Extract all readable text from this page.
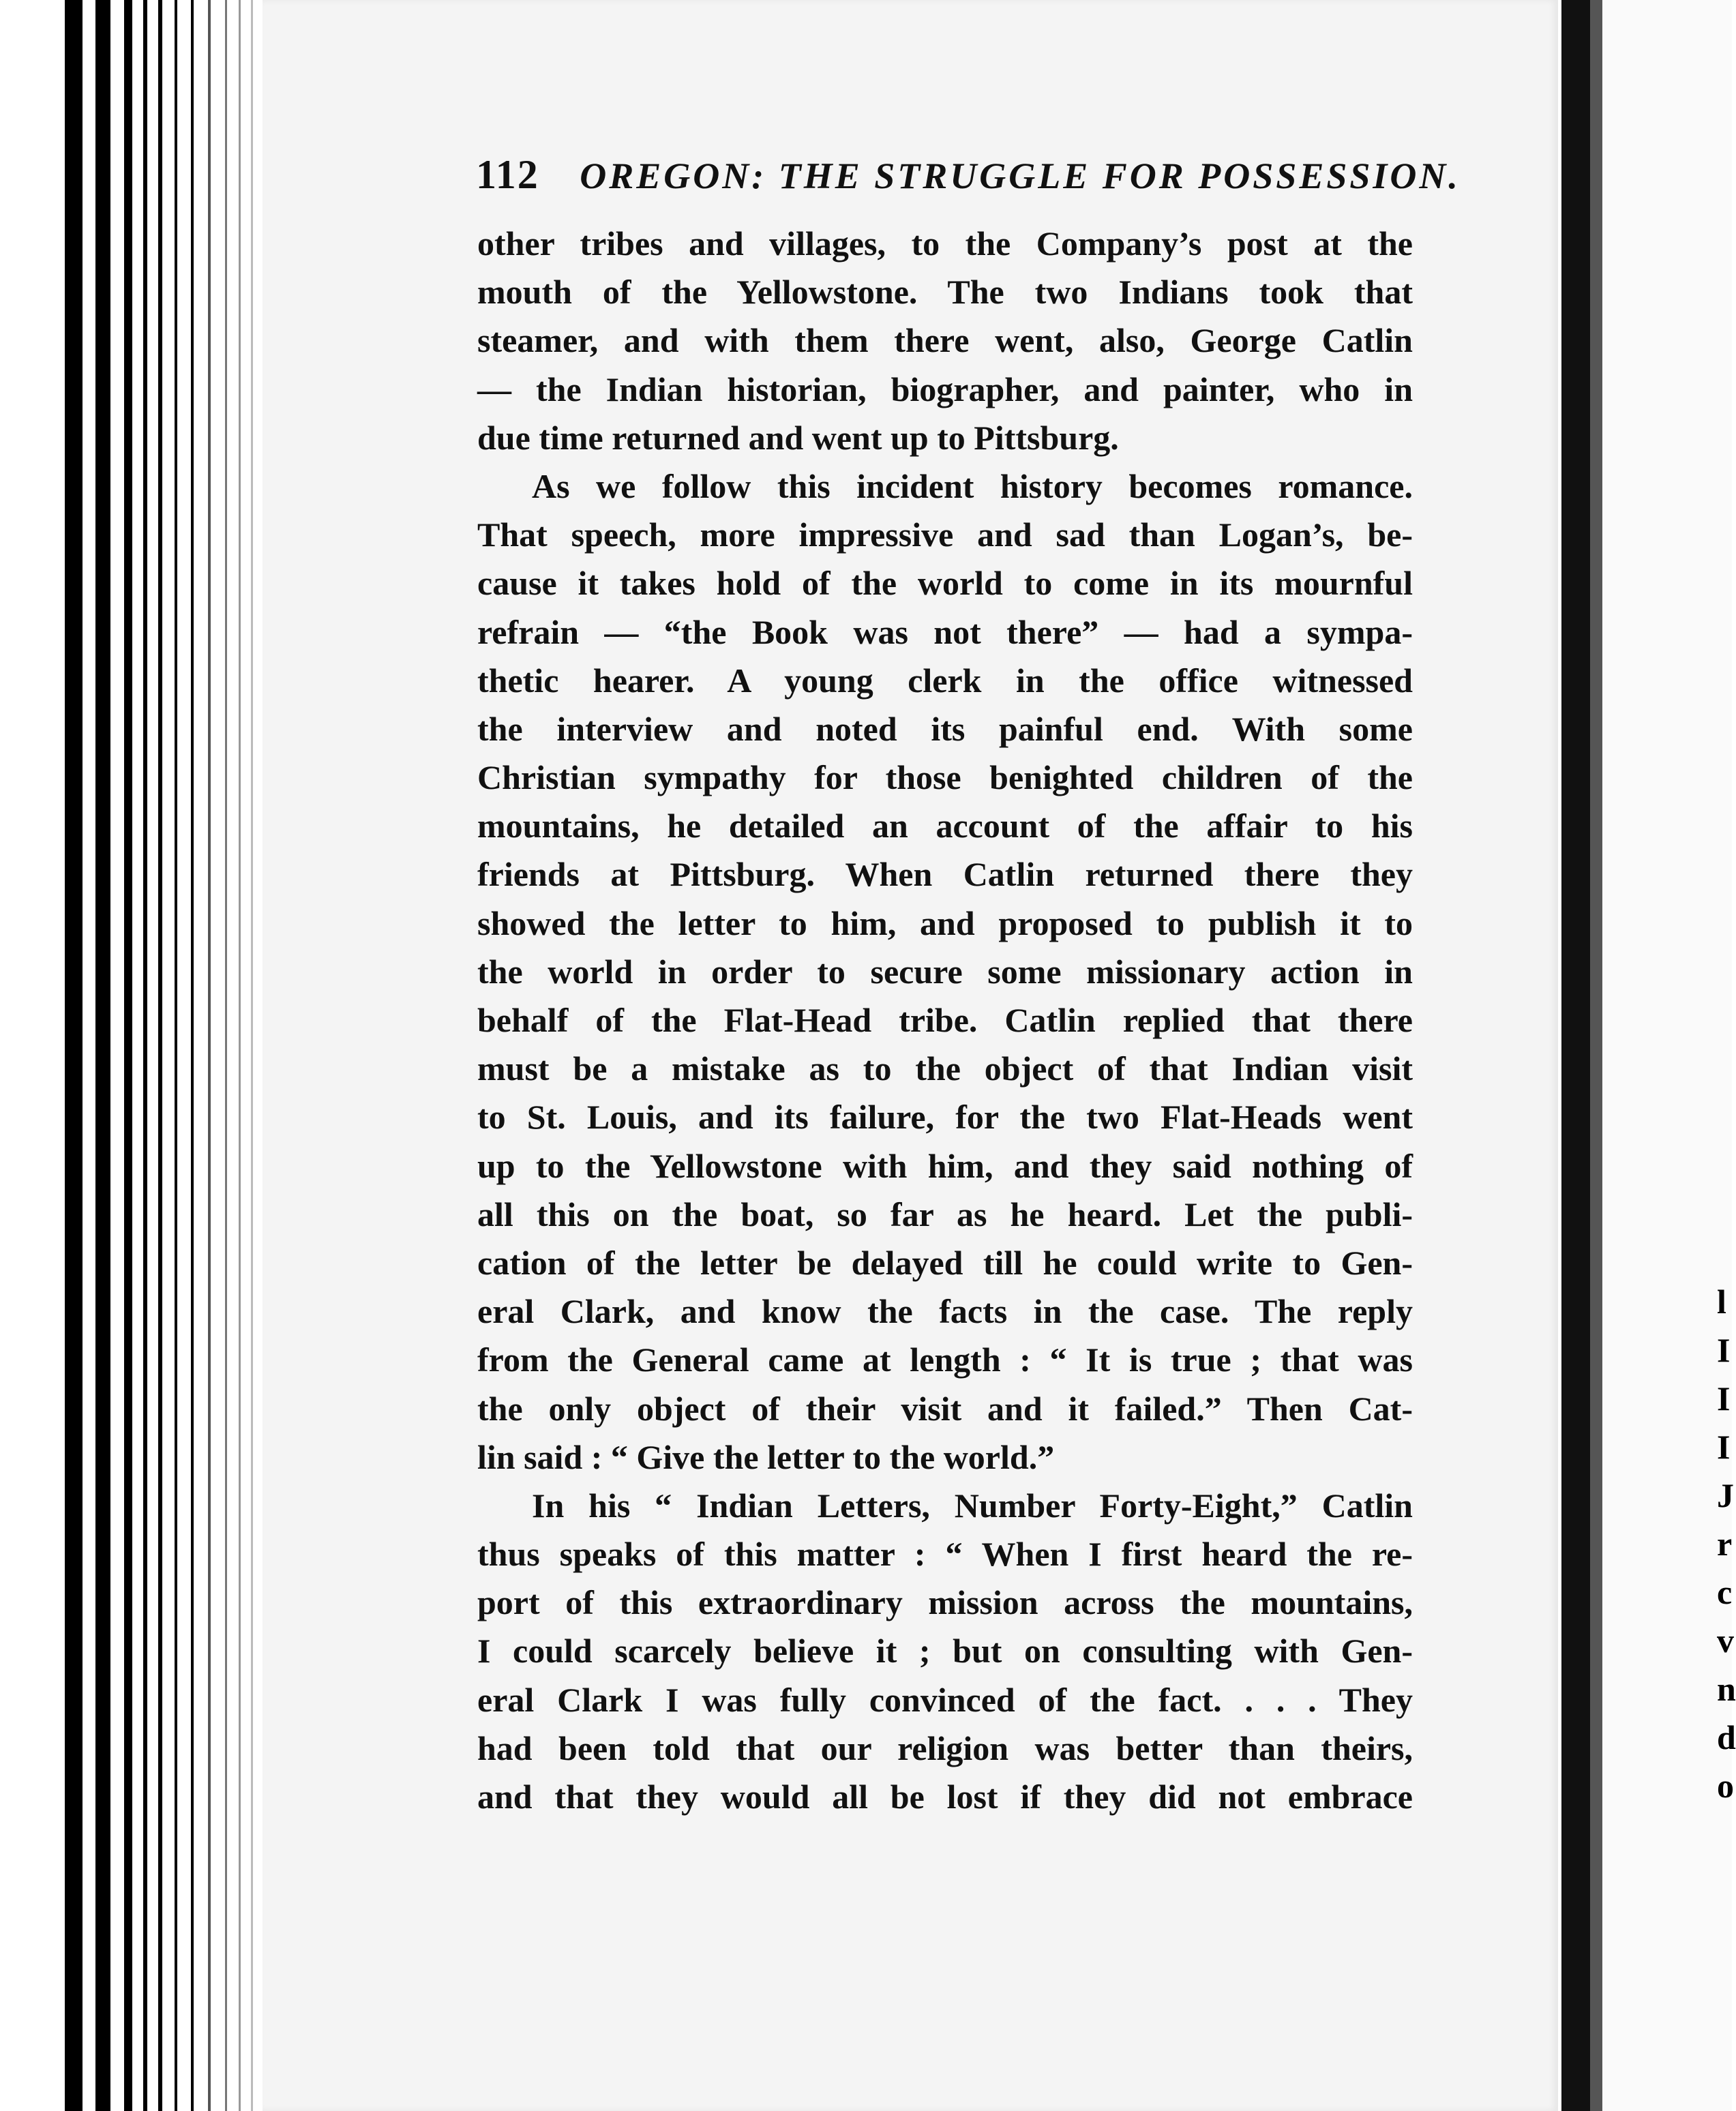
l
I
I
I
J
r
c
v
n
d
o
112 OREGON: THE STRUGGLE FOR POSSESSION.
other tribes and villages, to the Company’s post at the
mouth of the Yellowstone. The two Indians took that
steamer, and with them there went, also, George Catlin
— the Indian historian, biographer, and painter, who in
due time returned and went up to Pittsburg.
As we follow this incident history becomes romance.
That speech, more impressive and sad than Logan’s, be-
cause it takes hold of the world to come in its mournful
refrain — “the Book was not there” — had a sympa-
thetic hearer. A young clerk in the office witnessed
the interview and noted its painful end. With some
Christian sympathy for those benighted children of the
mountains, he detailed an account of the affair to his
friends at Pittsburg. When Catlin returned there they
showed the letter to him, and proposed to publish it to
the world in order to secure some missionary action in
behalf of the Flat-Head tribe. Catlin replied that there
must be a mistake as to the object of that Indian visit
to St. Louis, and its failure, for the two Flat-Heads went
up to the Yellowstone with him, and they said nothing of
all this on the boat, so far as he heard. Let the publi-
cation of the letter be delayed till he could write to Gen-
eral Clark, and know the facts in the case. The reply
from the General came at length : “ It is true ; that was
the only object of their visit and it failed.” Then Cat-
lin said : “ Give the letter to the world.”
In his “ Indian Letters, Number Forty-Eight,” Catlin
thus speaks of this matter : “ When I first heard the re-
port of this extraordinary mission across the mountains,
I could scarcely believe it ; but on consulting with Gen-
eral Clark I was fully convinced of the fact. . . . They
had been told that our religion was better than theirs,
and that they would all be lost if they did not embrace
